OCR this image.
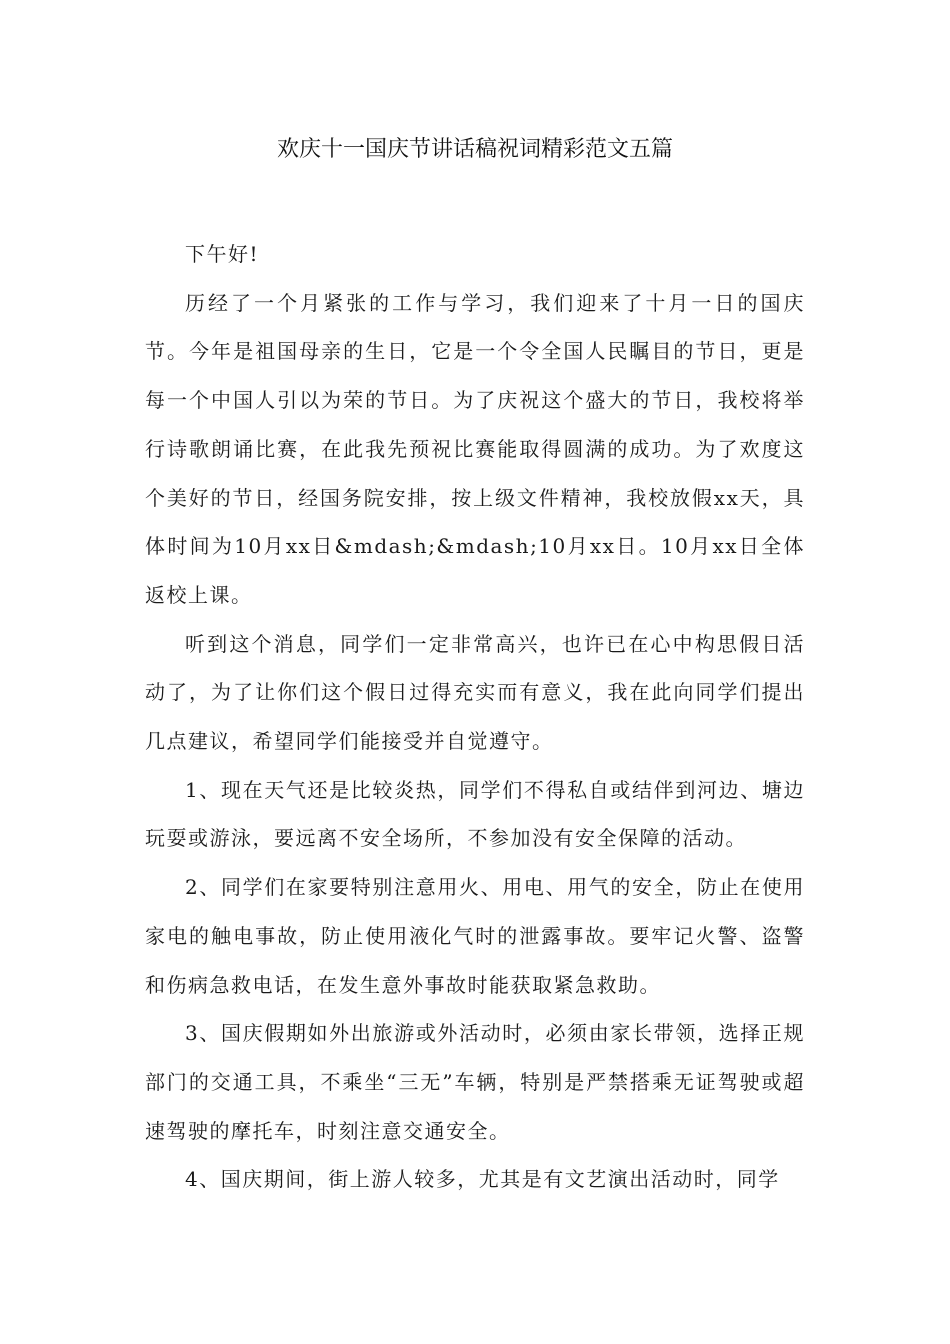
欢庆十一国庆节讲话稿祝词精彩范文五篇

下午好!

历经了一个月紧张的工作与学习，我们迎来了十月一日的国庆节。今年是祖国母亲的生日，它是一个令全国人民瞩目的节日，更是每一个中国人引以为荣的节日。为了庆祝这个盛大的节日，我校将举行诗歌朗诵比赛，在此我先预祝比赛能取得圆满的成功。为了欢度这个美好的节日，经国务院安排，按上级文件精神，我校放假xx天，具体时间为10月xx日&mdash;&mdash;10月xx日。10月xx日全体返校上课。

听到这个消息，同学们一定非常高兴，也许已在心中构思假日活动了，为了让你们这个假日过得充实而有意义，我在此向同学们提出几点建议，希望同学们能接受并自觉遵守。

1、现在天气还是比较炎热，同学们不得私自或结伴到河边、塘边玩耍或游泳，要远离不安全场所，不参加没有安全保障的活动。

2、同学们在家要特别注意用火、用电、用气的安全，防止在使用家电的触电事故，防止使用液化气时的泄露事故。要牢记火警、盗警和伤病急救电话，在发生意外事故时能获取紧急救助。

3、国庆假期如外出旅游或外活动时，必须由家长带领，选择正规部门的交通工具，不乘坐“三无”车辆，特别是严禁搭乘无证驾驶或超速驾驶的摩托车，时刻注意交通安全。

4、国庆期间，街上游人较多，尤其是有文艺演出活动时，同学
